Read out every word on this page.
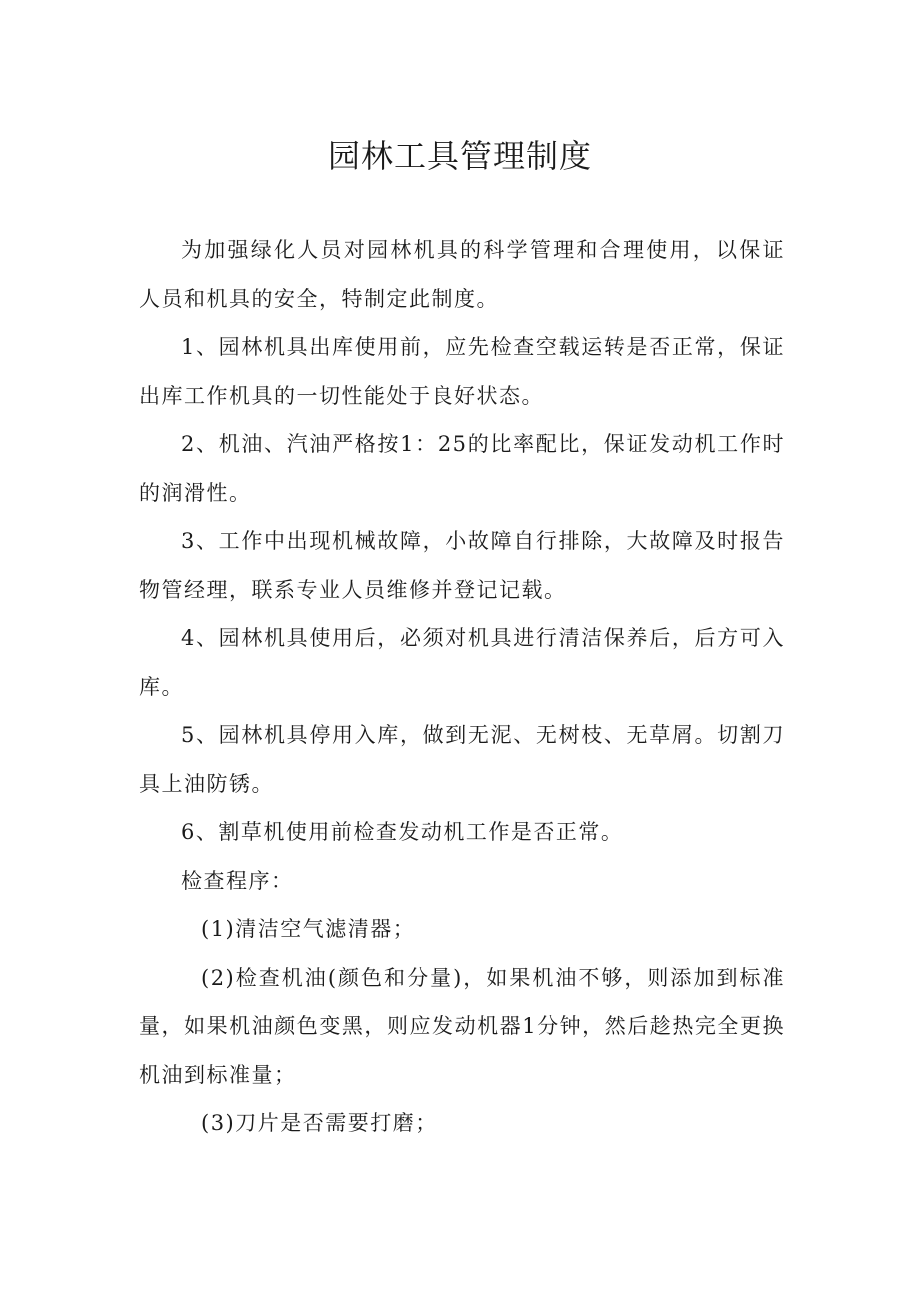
园林工具管理制度

为加强绿化人员对园林机具的科学管理和合理使用，以保证人员和机具的安全，特制定此制度。

1、园林机具出库使用前，应先检查空载运转是否正常，保证出库工作机具的一切性能处于良好状态。

2、机油、汽油严格按1：25的比率配比，保证发动机工作时的润滑性。

3、工作中出现机械故障，小故障自行排除，大故障及时报告物管经理，联系专业人员维修并登记记载。

4、园林机具使用后，必须对机具进行清洁保养后，后方可入库。

5、园林机具停用入库，做到无泥、无树枝、无草屑。切割刀具上油防锈。

6、割草机使用前检查发动机工作是否正常。

检查程序：

(1)清洁空气滤清器；

(2)检查机油(颜色和分量)，如果机油不够，则添加到标准量，如果机油颜色变黑，则应发动机器1分钟，然后趁热完全更换机油到标准量；

(3)刀片是否需要打磨；
